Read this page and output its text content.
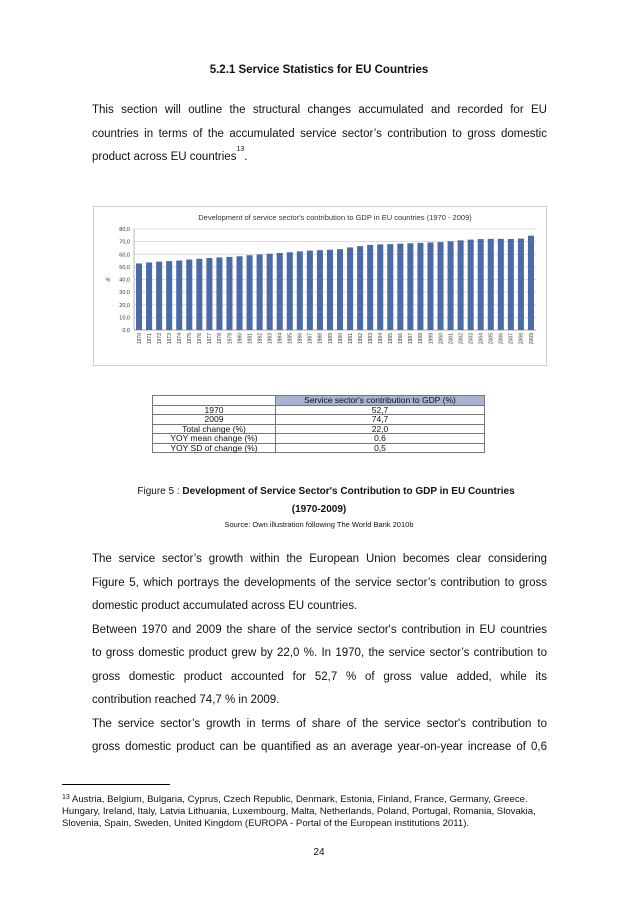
5.2.1 Service Statistics for EU Countries
This section will outline the structural changes accumulated and recorded for EU
countries in terms of the accumulated service sector’s contribution to gross domestic
product across EU countries$^{13}$.
Development of service sector's contribution to GDP in EU countries (1970 - 2009)
0,0
10,0
20,0
30,0
40,0
50,0
60,0
70,0
80,0
%
1970 1971 1972 1973 1974 1975 1976 1977 1978 1979 1980 1981 1982 1983 1984 1985 1986 1987 1988 1989 1990 1991 1992 1993 1994 1995 1996 1997 1998 1999 2000 2001 2002 2003 2004 2005 2006 2007 2008 2009
	Service sector's contribution to GDP (%)
1970	52,7
2009	74,7
Total change (%)	22,0
YOY mean change (%)	0,6
YOY SD of change (%)	0,5
Figure 5 : Development of Service Sector's Contribution to GDP in EU Countries
(1970-2009)
Source: Own illustration following The World Bank 2010b
The service sector’s growth within the European Union becomes clear considering
Figure 5, which portrays the developments of the service sector’s contribution to gross
domestic product accumulated across EU countries.
Between 1970 and 2009 the share of the service sector's contribution in EU countries
to gross domestic product grew by 22,0 %. In 1970, the service sector’s contribution to
gross domestic product accounted for 52,7 % of gross value added, while its
contribution reached 74,7 % in 2009.
The service sector’s growth in terms of share of the service sector's contribution to
gross domestic product can be quantified as an average year-on-year increase of 0,6
$^{13}$ Austria, Belgium, Bulgaria, Cyprus, Czech Republic, Denmark, Estonia, Finland, France, Germany, Greece. Hungary, Ireland, Italy, Latvia Lithuania, Luxembourg, Malta, Netherlands, Poland, Portugal, Romania, Slovakia, Slovenia, Spain, Sweden, United Kingdom (EUROPA - Portal of the European institutions 2011).
24
